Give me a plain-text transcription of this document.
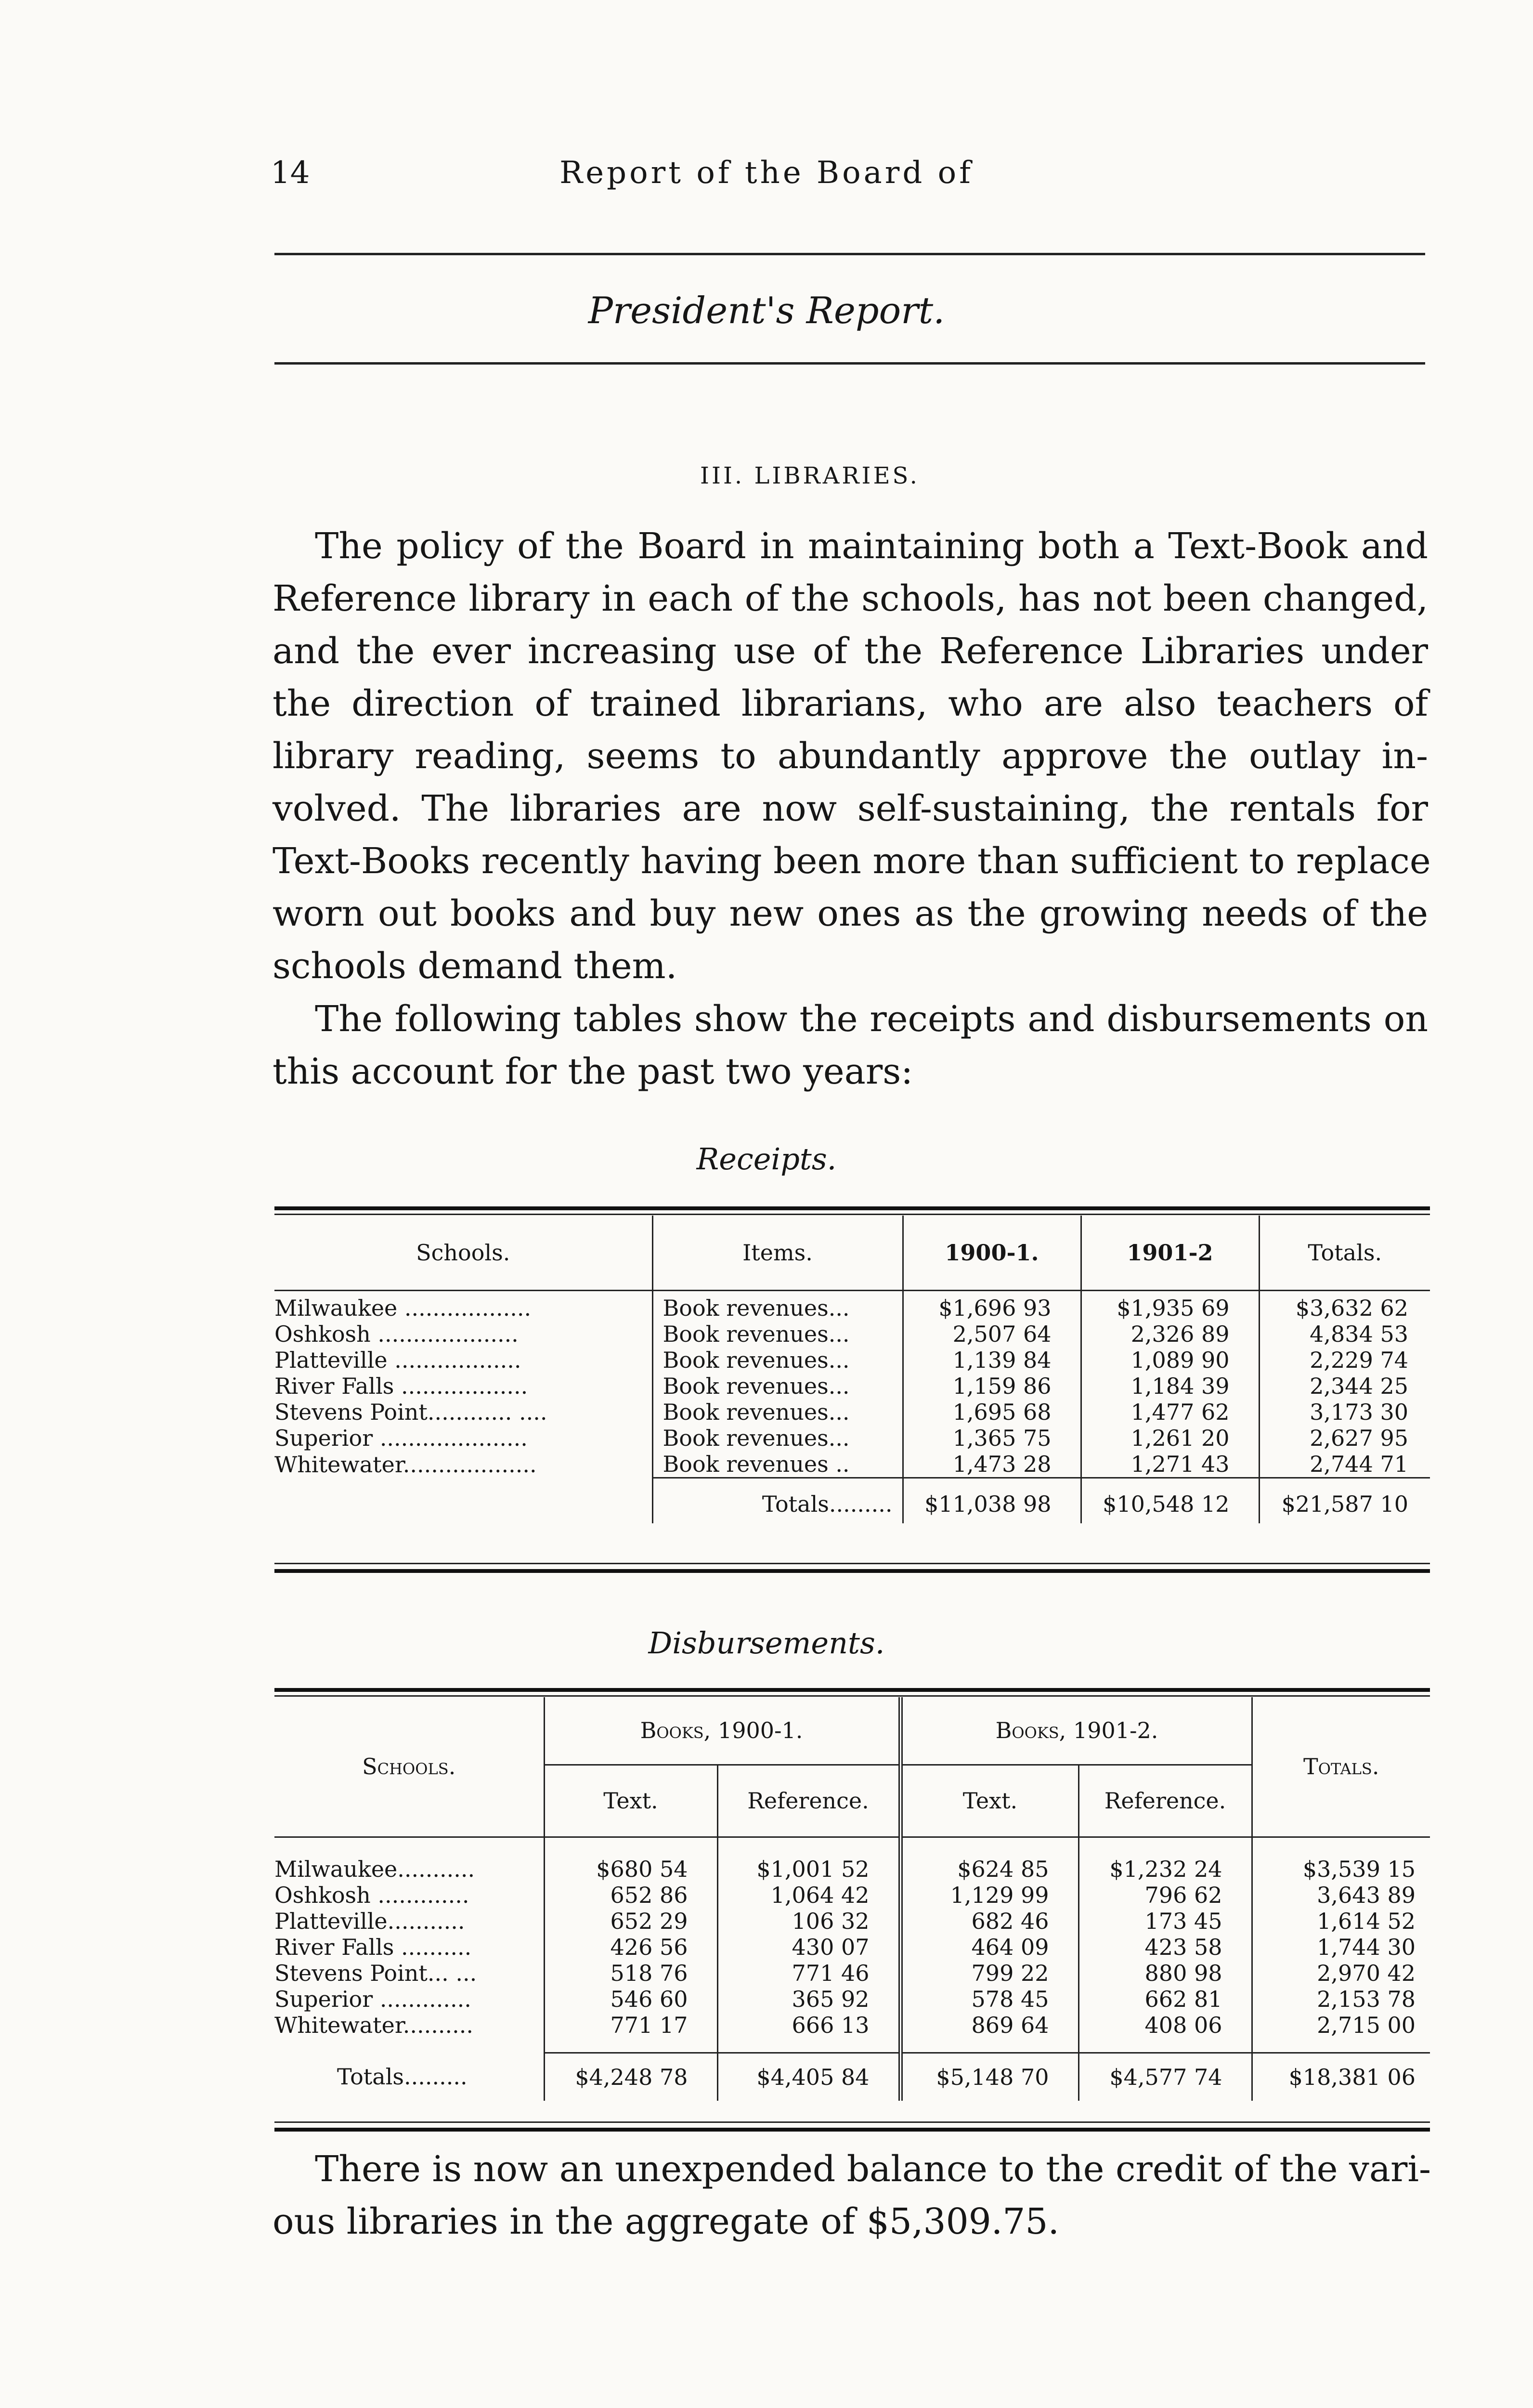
14	Report of the Board of
President's Report.
III. LIBRARIES.
The policy of the Board in maintaining both a Text-Book and
Reference library in each of the schools, has not been changed,
and the ever increasing use of the Reference Libraries under
the direction of trained librarians, who are also teachers of
library reading, seems to abundantly approve the outlay in-
volved. The libraries are now self-sustaining, the rentals for
Text-Books recently having been more than sufficient to replace
worn out books and buy new ones as the growing needs of the
schools demand them.
The following tables show the receipts and disbursements on
this account for the past two years:
Receipts.
Schools.	Items.	1900-1.	1901-2	Totals.

Milwaukee ..................	Book revenues...	$1,696 93	$1,935 69	$3,632 62
Oshkosh ....................	Book revenues...	2,507 64	2,326 89	4,834 53
Platteville ..................	Book revenues...	1,139 84	1,089 90	2,229 74
River Falls ..................	Book revenues...	1,159 86	1,184 39	2,344 25
Stevens Point............ ....	Book revenues...	1,695 68	1,477 62	3,173 30
Superior .....................	Book revenues...	1,365 75	1,261 20	2,627 95
Whitewater...................	Book revenues ..	1,473 28	1,271 43	2,744 71

	Totals.........	$11,038 98	$10,548 12	$21,587 10
Disbursements.
Schools.	Books, 1900-1.		Books, 1901-2.		Totals.
	Text.	Reference.	Text.	Reference.	

Milwaukee...........	$680 54	$1,001 52	$624 85	$1,232 24	$3,539 15
Oshkosh .............	652 86	1,064 42	1,129 99	796 62	3,643 89
Platteville...........	652 29	106 32	682 46	173 45	1,614 52
River Falls ..........	426 56	430 07	464 09	423 58	1,744 30
Stevens Point... ...	518 76	771 46	799 22	880 98	2,970 42
Superior .............	546 60	365 92	578 45	662 81	2,153 78
Whitewater..........	771 17	666 13	869 64	408 06	2,715 00

Totals.........	$4,248 78	$4,405 84	$5,148 70	$4,577 74	$18,381 06
There is now an unexpended balance to the credit of the vari-
ous libraries in the aggregate of $5,309.75.
